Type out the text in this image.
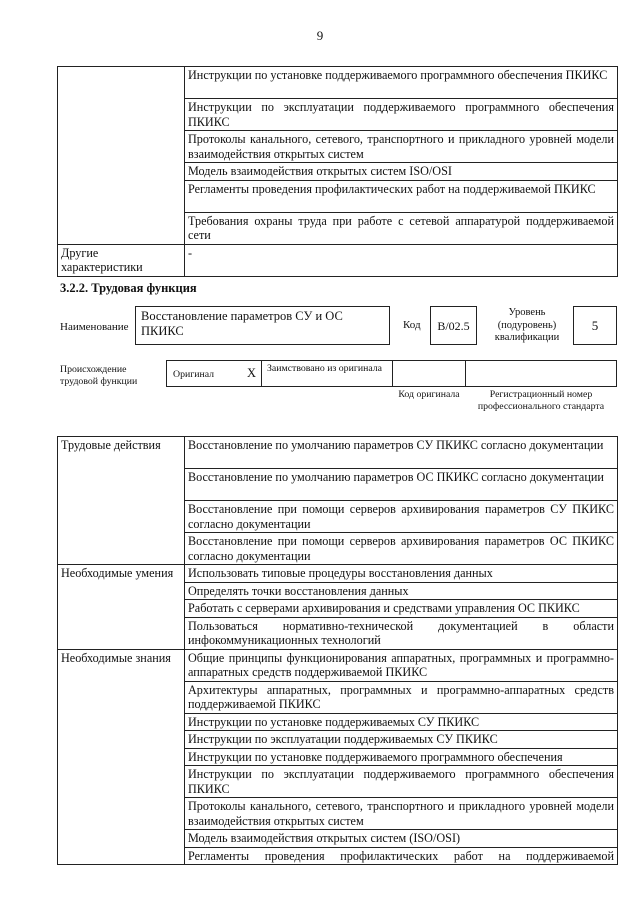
9
	Инструкции по установке поддерживаемого программного обеспечения ПКИКС
	Инструкции по эксплуатации поддерживаемого программного обеспечения ПКИКС
	Протоколы канального, сетевого, транспортного и прикладного уровней модели взаимодействия открытых систем
	Модель взаимодействия открытых систем ISO/OSI
	Регламенты проведения профилактических работ на поддерживаемой ПКИКС
	Требования охраны труда при работе с сетевой аппаратурой поддерживаемой сети
Другие характеристики	-
3.2.2. Трудовая функция
Наименование
Восстановление параметров СУ и ОС ПКИКС	Код	B/02.5
Уровень (подуровень) квалификации
5
Происхождение трудовой функции
Оригинал	X	Заимствовано из оригинала
Код оригинала	Регистрационный номер профессионального стандарта
Трудовые действия	Восстановление по умолчанию параметров СУ ПКИКС согласно документации
	Восстановление по умолчанию параметров ОС ПКИКС согласно документации
	Восстановление при помощи серверов архивирования параметров СУ ПКИКС согласно документации
	Восстановление при помощи серверов архивирования параметров ОС ПКИКС согласно документации
Необходимые умения	Использовать типовые процедуры восстановления данных
	Определять точки восстановления данных
	Работать с серверами архивирования и средствами управления ОС ПКИКС
	Пользоваться нормативно-технической документацией в области инфокоммуникационных технологий
Необходимые знания	Общие принципы функционирования аппаратных, программных и программно-аппаратных средств поддерживаемой ПКИКС
	Архитектуры аппаратных, программных и программно-аппаратных средств поддерживаемой ПКИКС
	Инструкции по установке поддерживаемых СУ ПКИКС
	Инструкции по эксплуатации поддерживаемых СУ ПКИКС
	Инструкции по установке поддерживаемого программного обеспечения
	Инструкции по эксплуатации поддерживаемого программного обеспечения ПКИКС
	Протоколы канального, сетевого, транспортного и прикладного уровней модели взаимодействия открытых систем
	Модель взаимодействия открытых систем (ISO/OSI)
	Регламенты проведения профилактических работ на поддерживаемой
